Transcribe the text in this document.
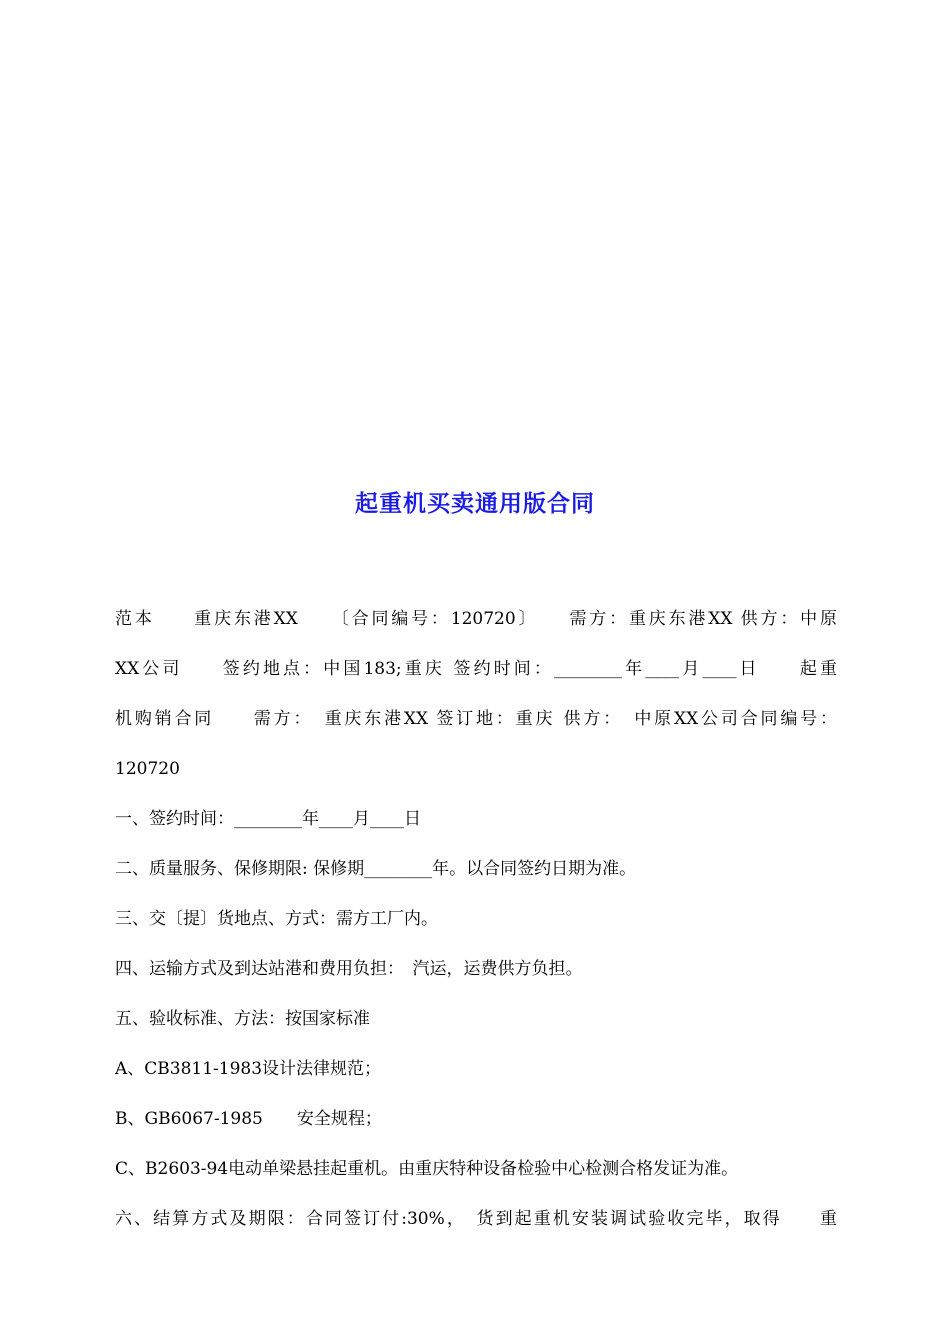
起重机买卖通用版合同
范本　　重庆东港XX　　〔合同编号：120720〕　　需方：重庆东港XX 供方：中原
XX公司　　签约地点：中国183;重庆 签约时间：________年____月____日　　起重
机购销合同　　需方：　重庆东港XX 签订地：重庆 供方：　中原XX公司合同编号：
120720
一、签约时间：________年____月____日
二、质量服务、保修期限: 保修期________年。以合同签约日期为准。
三、交〔提〕货地点、方式：需方工厂内。
四、运输方式及到达站港和费用负担：　汽运，运费供方负担。
五、验收标准、方法：按国家标准
A、CB3811-1983设计法律规范；
B、GB6067-1985　　安全规程；
C、B2603-94电动单梁悬挂起重机。由重庆特种设备检验中心检测合格发证为准。
六、结算方式及期限：合同签订付:30%，　货到起重机安装调试验收完毕，取得　　重
